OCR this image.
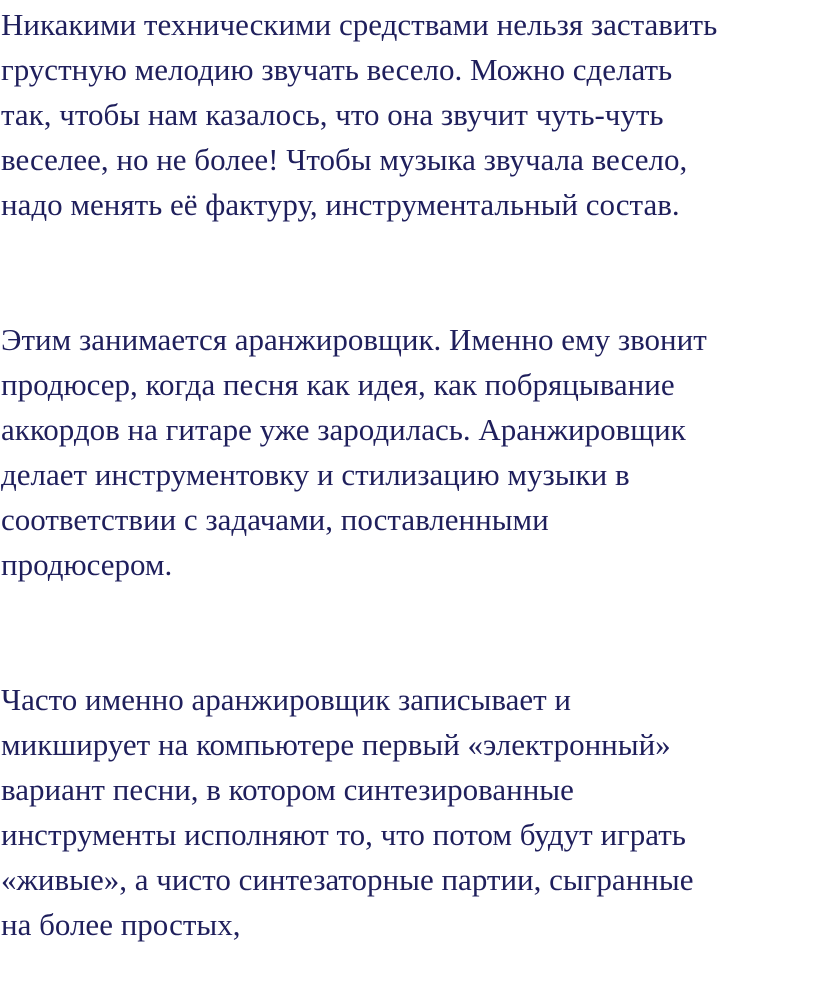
Никакими техническими средствами нельзя заставить
грустную мелодию звучать весело. Можно сделать
так, чтобы нам казалось, что она звучит чуть-чуть
веселее, но не более! Чтобы музыка звучала весело,
надо менять её фактуру, инструментальный состав.

Этим занимается аранжировщик. Именно ему звонит
продюсер, когда песня как идея, как побряцывание
аккордов на гитаре уже зародилась. Аранжировщик
делает инструментовку и стилизацию музыки в
соответствии с задачами, поставленными
продюсером.

Часто именно аранжировщик записывает и
микширует на компьютере первый «электронный»
вариант песни, в котором синтезированные
инструменты исполняют то, что потом будут играть
«живые», а чисто синтезаторные партии, сыгранные
на более простых,
